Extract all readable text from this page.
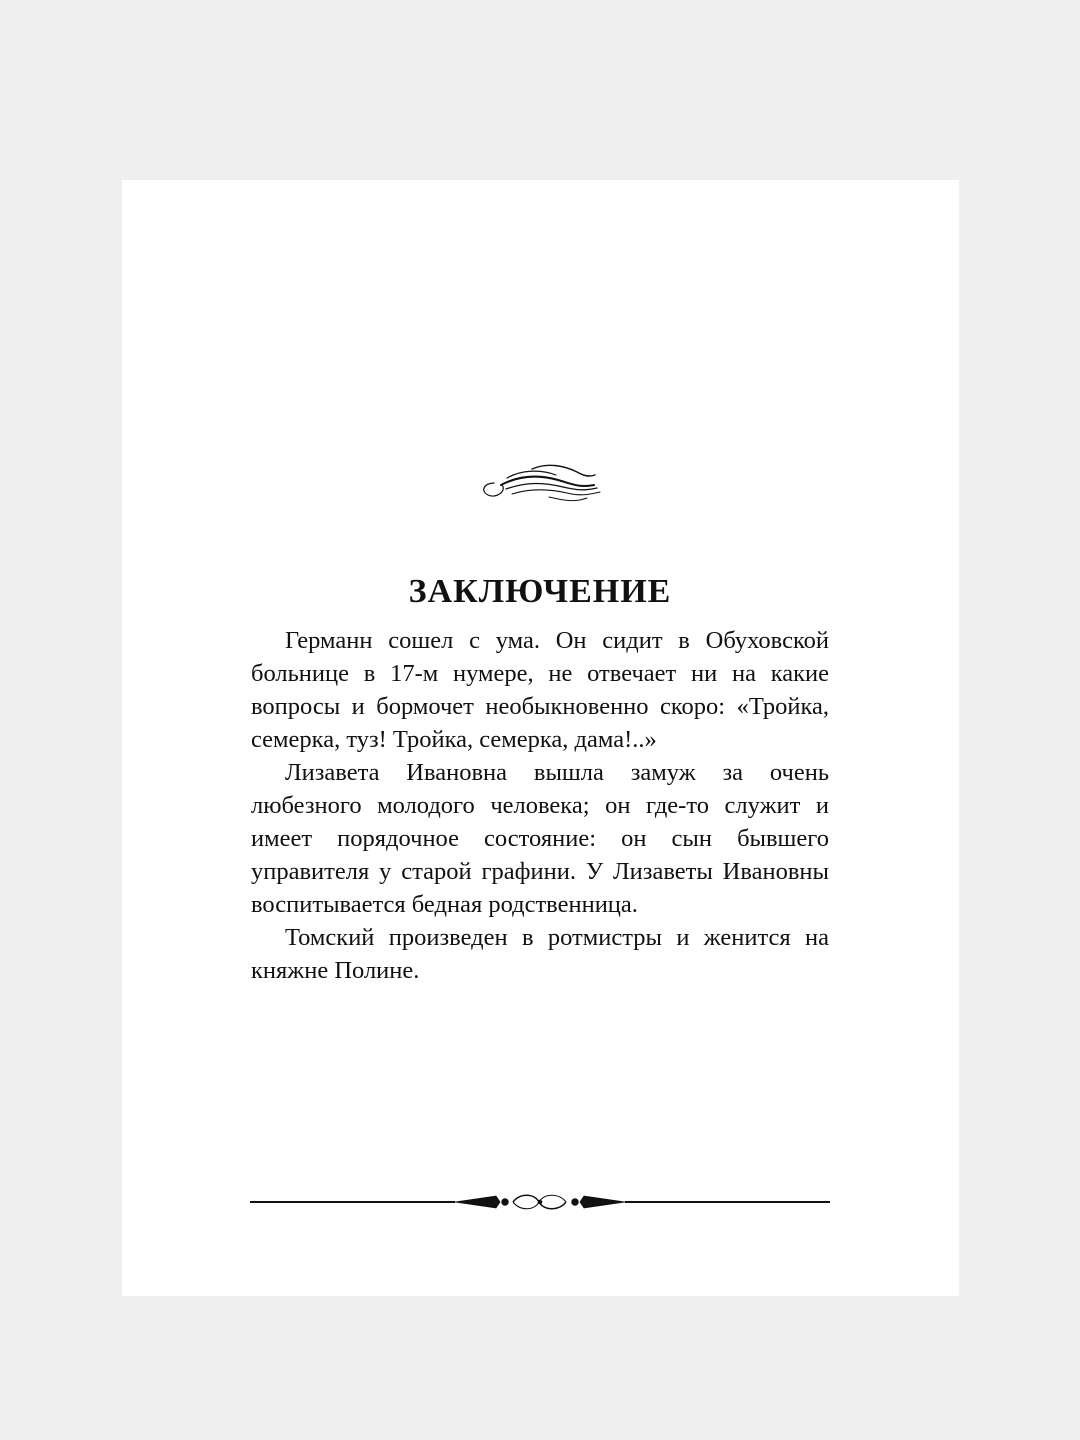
ЗАКЛЮЧЕНИЕ

Германн сошел с ума. Он сидит в Обуховской больнице в 17-м нумере, не отвечает ни на какие вопросы и бормочет необыкновенно скоро: «Тройка, семерка, туз! Тройка, семерка, дама!..»

Лизавета Ивановна вышла замуж за очень любезного молодого человека; он где-то служит и имеет порядочное состояние: он сын бывшего управителя у старой графини. У Лизаветы Ивановны воспитывается бедная родственница.

Томский произведен в ротмистры и женится на княжне Полине.
